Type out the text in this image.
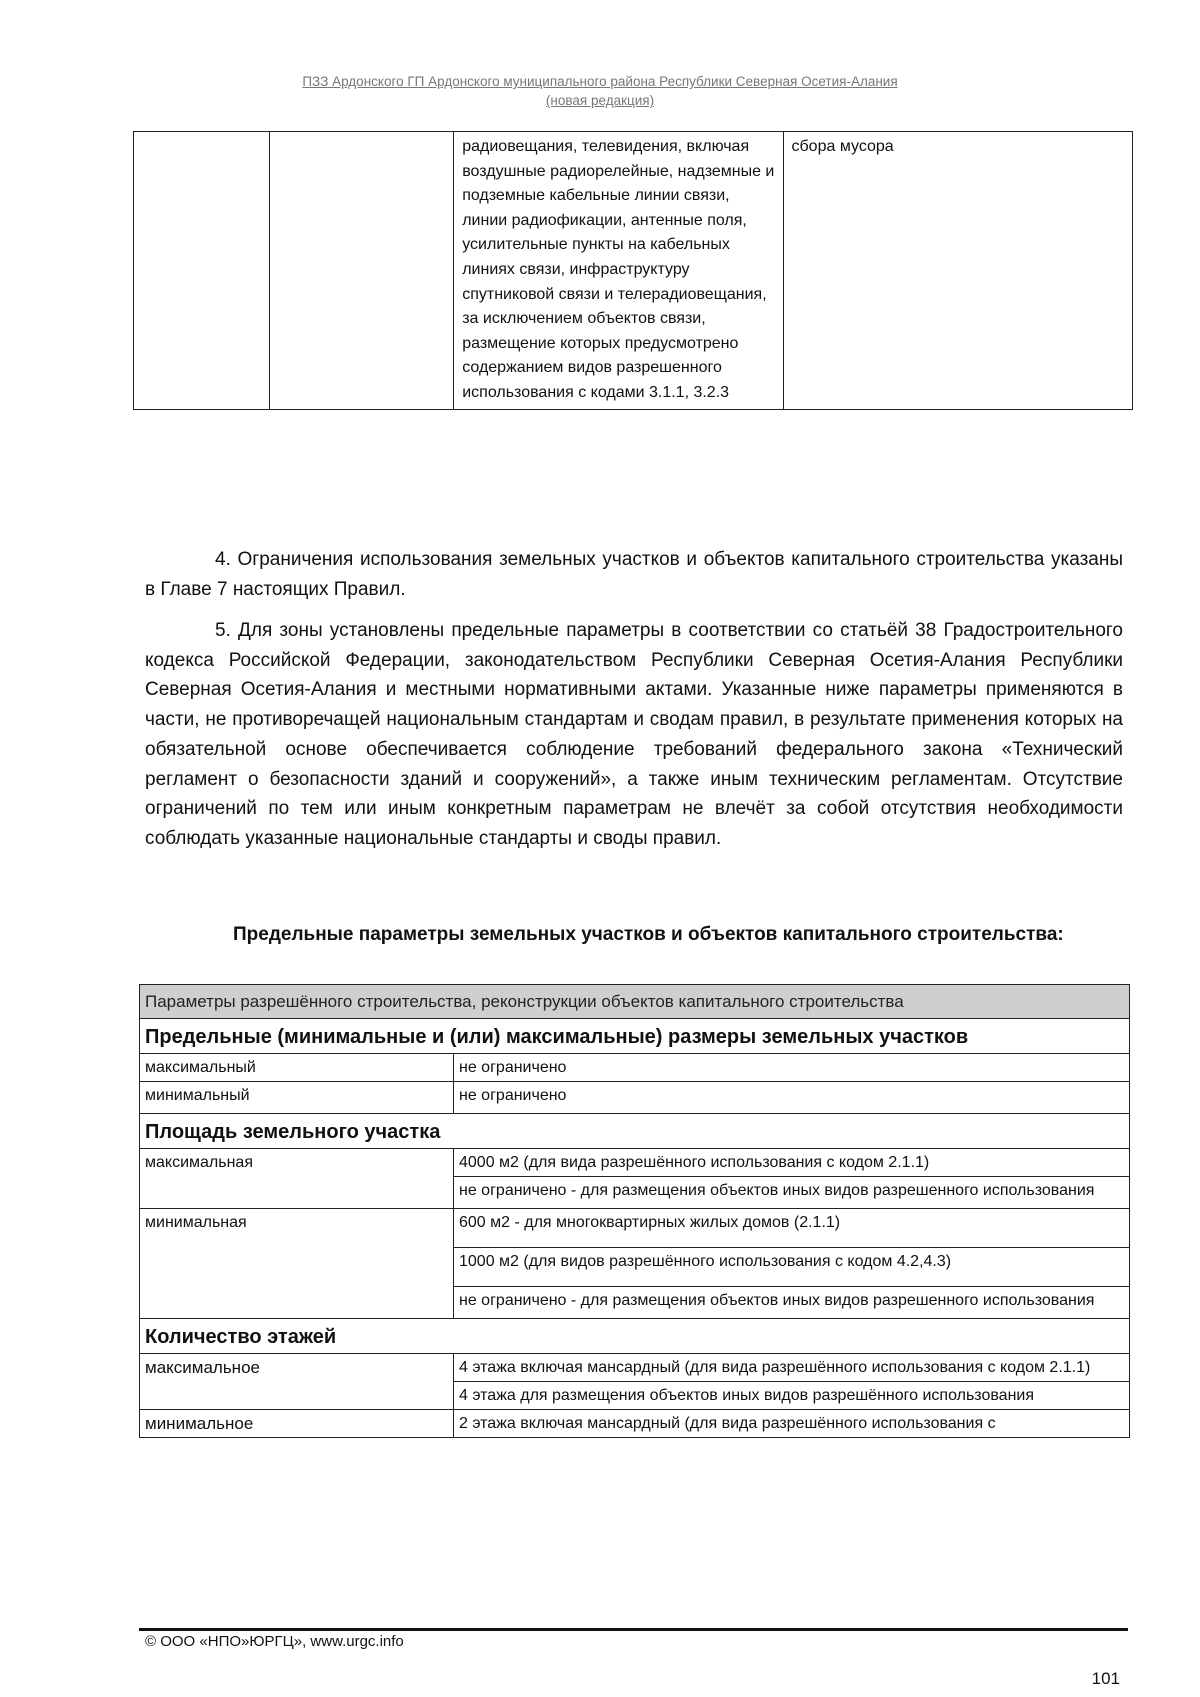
ПЗЗ Ардонского ГП Ардонского муниципального района Республики Северная Осетия-Алания
(новая редакция)
		радиовещания, телевидения, включая воздушные радиорелейные, надземные и подземные кабельные линии связи, линии радиофикации, антенные поля, усилительные пункты на кабельных линиях связи, инфраструктуру спутниковой связи и телерадиовещания, за исключением объектов связи, размещение которых предусмотрено содержанием видов разрешенного использования с кодами 3.1.1, 3.2.3	сбора мусора
4. Ограничения использования земельных участков и объектов капитального строительства указаны в Главе 7 настоящих Правил.
5. Для зоны установлены предельные параметры в соответствии со статьёй 38 Градостроительного кодекса Российской Федерации, законодательством Республики Северная Осетия-Алания Республики Северная Осетия-Алания и местными нормативными актами. Указанные ниже параметры применяются в части, не противоречащей национальным стандартам и сводам правил, в результате применения которых на обязательной основе обеспечивается соблюдение требований федерального закона «Технический регламент о безопасности зданий и сооружений», а также иным техническим регламентам. Отсутствие ограничений по тем или иным конкретным параметрам не влечёт за собой отсутствия необходимости соблюдать указанные национальные стандарты и своды правил.
Предельные параметры земельных участков и объектов капитального строительства:
Параметры разрешённого строительства, реконструкции объектов капитального строительства	
Предельные (минимальные и (или) максимальные) размеры земельных участков	
максимальный	не ограничено
минимальный	не ограничено
Площадь земельного участка	
максимальная	4000 м2 (для вида разрешённого использования с кодом 2.1.1)
	не ограничено - для размещения объектов иных видов разрешенного использования
минимальная	600 м2 - для многоквартирных жилых домов (2.1.1)
	1000 м2 (для видов разрешённого использования с кодом 4.2,4.3)
	не ограничено - для размещения объектов иных видов разрешенного использования
Количество этажей	
максимальное	4 этажа включая мансардный (для вида разрешённого использования с кодом 2.1.1)
	4 этажа для размещения объектов иных видов разрешённого использования
минимальное	2 этажа включая мансардный (для вида разрешённого использования с
© ООО «НПО»ЮРГЦ», www.urgc.info
101
